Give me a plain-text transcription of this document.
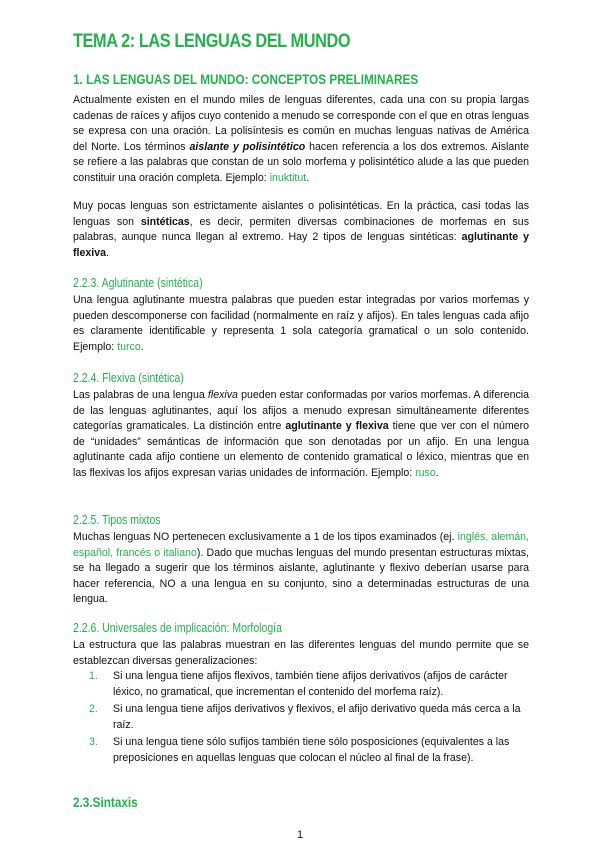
TEMA 2: LAS LENGUAS DEL MUNDO
1. LAS LENGUAS DEL MUNDO: CONCEPTOS PRELIMINARES
Actualmente existen en el mundo miles de lenguas diferentes, cada una con su propia largas cadenas de raíces y afijos cuyo contenido a menudo se corresponde con el que en otras lenguas se expresa con una oración. La polisíntesis es común en muchas lenguas nativas de América del Norte. Los términos aislante y polisintético hacen referencia a los dos extremos. Aislante se refiere a las palabras que constan de un solo morfema y polisintético alude a las que pueden constituir una oración completa. Ejemplo: inuktitut.
Muy pocas lenguas son estrictamente aislantes o polisintéticas. En la práctica, casi todas las lenguas son sintéticas, es decir, permiten diversas combinaciones de morfemas en sus palabras, aunque nunca llegan al extremo. Hay 2 tipos de lenguas sintéticas: aglutinante y flexiva.
2.2.3. Aglutinante (sintética)
Una lengua aglutinante muestra palabras que pueden estar integradas por varios morfemas y pueden descomponerse con facilidad (normalmente en raíz y afijos). En tales lenguas cada afijo es claramente identificable y representa 1 sola categoría gramatical o un solo contenido. Ejemplo: turco.
2.2.4. Flexiva (sintética)
Las palabras de una lengua flexiva pueden estar conformadas por varios morfemas. A diferencia de las lenguas aglutinantes, aquí los afijos a menudo expresan simultáneamente diferentes categorías gramaticales. La distinción entre aglutinante y flexiva tiene que ver con el número de “unidades” semánticas de información que son denotadas por un afijo. En una lengua aglutinante cada afijo contiene un elemento de contenido gramatical o léxico, mientras que en las flexivas los afijos expresan varias unidades de información. Ejemplo: ruso.
2.2.5. Tipos mixtos
Muchas lenguas NO pertenecen exclusivamente a 1 de los tipos examinados (ej. inglés, alemán, español, francés o italiano). Dado que muchas lenguas del mundo presentan estructuras mixtas, se ha llegado a sugerir que los términos aislante, aglutinante y flexivo deberían usarse para hacer referencia, NO a una lengua en su conjunto, sino a determinadas estructuras de una lengua.
2.2.6. Universales de implicación: Morfología
La estructura que las palabras muestran en las diferentes lenguas del mundo permite que se establezcan diversas generalizaciones:
1. Si una lengua tiene afijos flexivos, también tiene afijos derivativos (afijos de carácter léxico, no gramatical, que incrementan el contenido del morfema raíz).
2. Si una lengua tiene afijos derivativos y flexivos, el afijo derivativo queda más cerca a la raíz.
3. Si una lengua tiene sólo sufijos también tiene sólo posposiciones (equivalentes a las preposiciones en aquellas lenguas que colocan el núcleo al final de la frase).
2.3.Sintaxis
1
